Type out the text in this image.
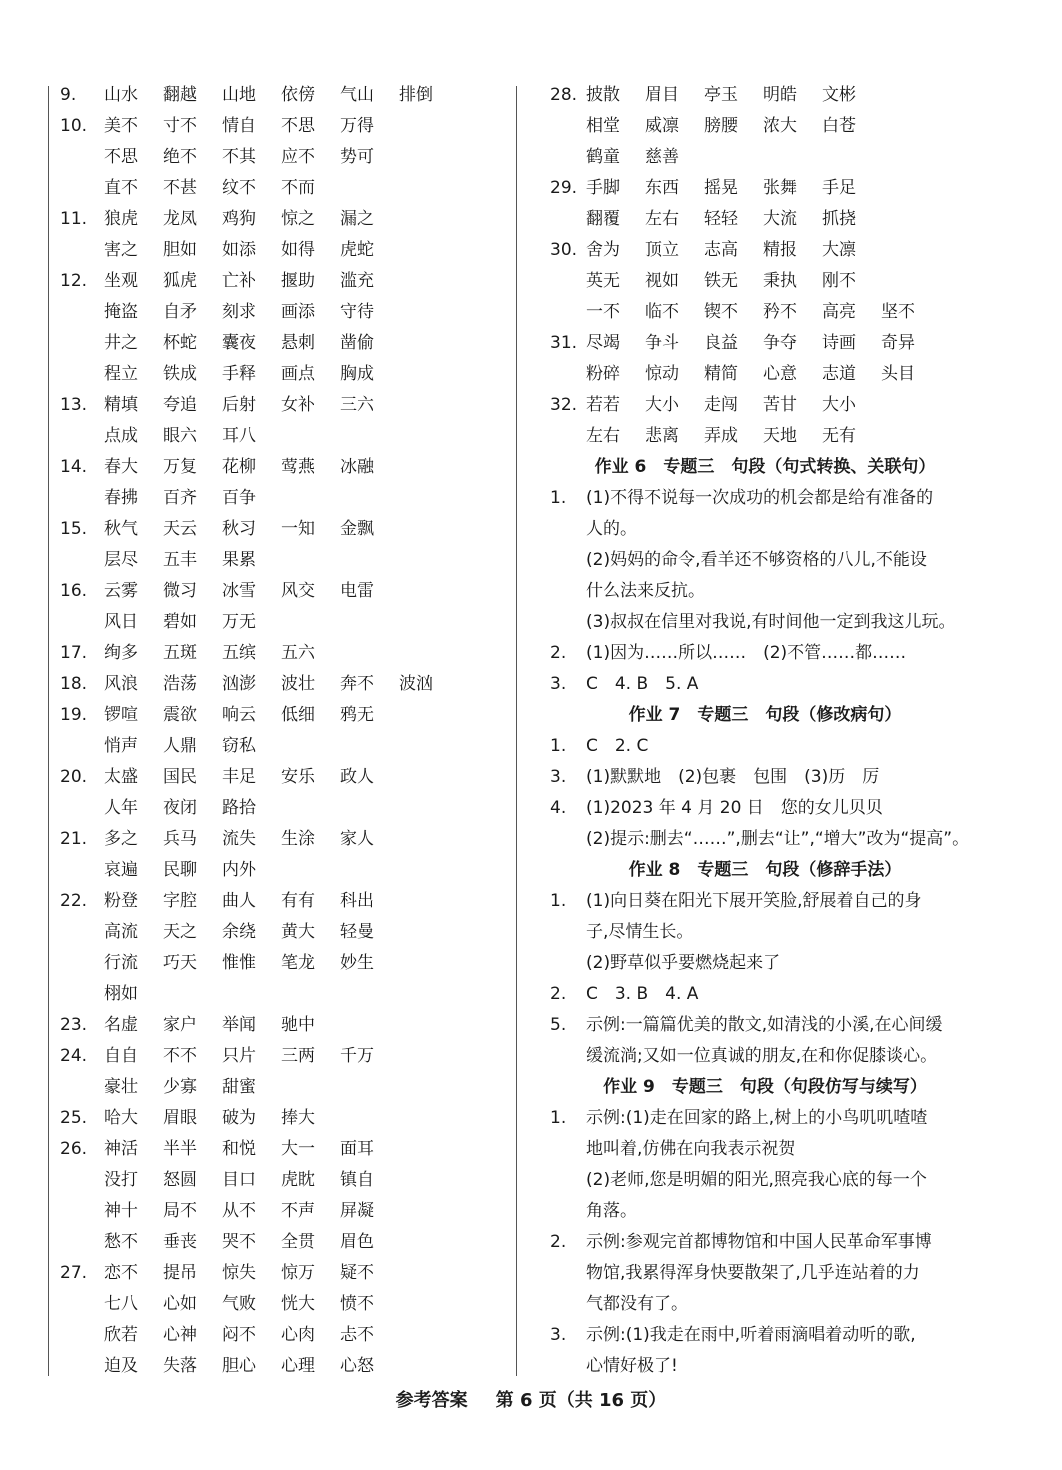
9. 山水 翻越 山地 依傍 气山 排倒
10. 美不 寸不 情自 不思 万得
不思 绝不 不其 应不 势可
直不 不甚 纹不 不而
11. 狼虎 龙凤 鸡狗 惊之 漏之
害之 胆如 如添 如得 虎蛇
12. 坐观 狐虎 亡补 揠助 滥充
掩盗 自矛 刻求 画添 守待
井之 杯蛇 囊夜 悬刺 凿偷
程立 铁成 手释 画点 胸成
13. 精填 夸追 后射 女补 三六
点成 眼六 耳八
14. 春大 万复 花柳 莺燕 冰融
春拂 百齐 百争
15. 秋气 天云 秋习 一知 金飘
层尽 五丰 果累
16. 云雾 微习 冰雪 风交 电雷
风日 碧如 万无
17. 绚多 五斑 五缤 五六
18. 风浪 浩荡 汹澎 波壮 奔不 波汹
19. 锣喧 震欲 响云 低细 鸦无
悄声 人鼎 窃私
20. 太盛 国民 丰足 安乐 政人
人年 夜闭 路拾
21. 多之 兵马 流失 生涂 家人
哀遍 民聊 内外
22. 粉登 字腔 曲人 有有 科出
高流 天之 余绕 黄大 轻曼
行流 巧天 惟惟 笔龙 妙生
栩如
23. 名虚 家户 举闻 驰中
24. 自自 不不 只片 三两 千万
豪壮 少寡 甜蜜
25. 哈大 眉眼 破为 捧大
26. 神活 半半 和悦 大一 面耳
没打 怒圆 目口 虎眈 镇自
神十 局不 从不 不声 屏凝
愁不 垂丧 哭不 全贯 眉色
27. 恋不 提吊 惊失 惊万 疑不
七八 心如 气败 恍大 愤不
欣若 心神 闷不 心肉 忐不
迫及 失落 胆心 心理 心怒
28. 披散 眉目 亭玉 明皓 文彬
相堂 威凛 膀腰 浓大 白苍
鹤童 慈善
29. 手脚 东西 摇晃 张舞 手足
翻覆 左右 轻轻 大流 抓挠
30. 舍为 顶立 志高 精报 大凛
英无 视如 铁无 秉执 刚不
一不 临不 锲不 矜不 高亮 坚不
31. 尽竭 争斗 良益 争夺 诗画 奇异
粉碎 惊动 精简 心意 志道 头目
32. 若若 大小 走闯 苦甘 大小
左右 悲离 弄成 天地 无有
作业 6　专题三　句段（句式转换、关联句）
1. (1)不得不说每一次成功的机会都是给有准备的
人的。
(2)妈妈的命令,看羊还不够资格的八儿,不能设
什么法来反抗。
(3)叔叔在信里对我说,有时间他一定到我这儿玩。
2. (1)因为……所以……　(2)不管……都……
3. C　4. B　5. A
作业 7　专题三　句段（修改病句）
1. C　2. C
3. (1)默默地　(2)包裹　包围　(3)历　厉
4. (1)2023 年 4 月 20 日　您的女儿贝贝
(2)提示:删去“……”,删去“让”,“增大”改为“提高”。
作业 8　专题三　句段（修辞手法）
1. (1)向日葵在阳光下展开笑脸,舒展着自己的身
子,尽情生长。
(2)野草似乎要燃烧起来了
2. C　3. B　4. A
5. 示例:一篇篇优美的散文,如清浅的小溪,在心间缓
缓流淌;又如一位真诚的朋友,在和你促膝谈心。
作业 9　专题三　句段（句段仿写与续写）
1. 示例:(1)走在回家的路上,树上的小鸟叽叽喳喳
地叫着,仿佛在向我表示祝贺
(2)老师,您是明媚的阳光,照亮我心底的每一个
角落。
2. 示例:参观完首都博物馆和中国人民革命军事博
物馆,我累得浑身快要散架了,几乎连站着的力
气都没有了。
3. 示例:(1)我走在雨中,听着雨滴唱着动听的歌,
心情好极了!
参考答案 第 6 页（共 16 页）
